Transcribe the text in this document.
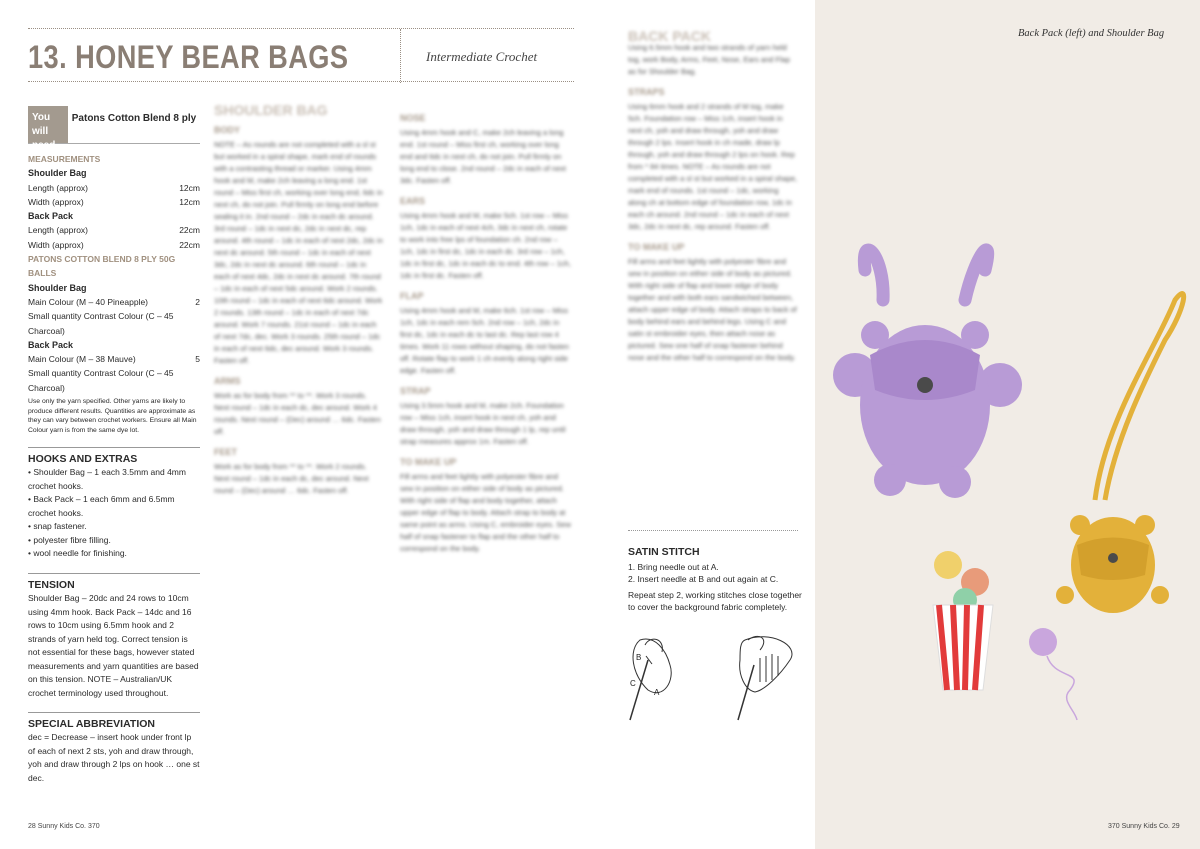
13. HONEY BEAR BAGS	Intermediate Crochet
You will need
Patons Cotton Blend 8 ply
MEASUREMENTS
Shoulder Bag
Length (approx)	12cm
Width (approx)	12cm
Back Pack
Length (approx)	22cm
Width (approx)	22cm
PATONS COTTON BLEND 8 PLY 50G BALLS
Shoulder Bag
Main Colour (M – 40 Pineapple)	2
Small quantity Contrast Colour (C – 45 Charcoal)
Back Pack
Main Colour (M – 38 Mauve)	5
Small quantity Contrast Colour (C – 45 Charcoal)
Use only the yarn specified. Other yarns are likely to produce different results. Quantities are approximate as they can vary between crochet workers. Ensure all Main Colour yarn is from the same dye lot.
HOOKS AND EXTRAS
• Shoulder Bag – 1 each 3.5mm and 4mm crochet hooks.
• Back Pack – 1 each 6mm and 6.5mm crochet hooks.
• snap fastener.
• polyester fibre filling.
• wool needle for finishing.
TENSION
Shoulder Bag – 20dc and 24 rows to 10cm using 4mm hook. Back Pack – 14dc and 16 rows to 10cm using 6.5mm hook and 2 strands of yarn held tog. Correct tension is not essential for these bags, however stated measurements and yarn quantities are based on this tension. NOTE – Australian/UK crochet terminology used throughout.
SPECIAL ABBREVIATION
dec = Decrease – insert hook under front lp of each of next 2 sts, yoh and draw through, yoh and draw through 2 lps on hook … one st dec.
SHOULDER BAG
BODY
NOTE – As rounds are not completed with a sl st but worked in a spiral shape, mark end of rounds with a contrasting thread or marker. Using 4mm hook and M, make 2ch leaving a long end. 1st round – Miss first ch, working over long end, 6dc in next ch, do not join. Pull firmly on long end before sealing it in. 2nd round – 2dc in each dc around. 3rd round – 1dc in next dc, 2dc in next dc, rep around. 4th round – 1dc in each of next 2dc, 2dc in next dc around. 5th round – 1dc in each of next 3dc, 2dc in next dc around. 6th round – 1dc in each of next 4dc, 2dc in next dc around. 7th round – 1dc in each of next 5dc around. Work 2 rounds. 10th round – 1dc in each of next 6dc around. Work 2 rounds. 13th round – 1dc in each of next 7dc around. Work 7 rounds. 21st round – 1dc in each of next 7dc, dec. Work 3 rounds. 25th round – 1dc in each of next 6dc, dec around. Work 3 rounds. Fasten off.
ARMS
Work as for body from ** to **. Work 3 rounds. Next round – 1dc in each dc, dec around. Work 4 rounds. Next round – (Dec) around … 6dc. Fasten off.
FEET
Work as for body from ** to **. Work 2 rounds. Next round – 1dc in each dc, dec around. Next round – (Dec) around … 6dc. Fasten off.
NOSE
Using 4mm hook and C, make 2ch leaving a long end. 1st round – Miss first ch, working over long end and 6dc in next ch, do not join. Pull firmly on long end to close. 2nd round – 2dc in each of next 3dc. Fasten off.
EARS
Using 4mm hook and M, make 5ch. 1st row – Miss 1ch, 1dc in each of next 4ch, 3dc in next ch, rotate to work into free lps of foundation ch. 2nd row – 1ch, 1dc in first dc, 1dc in each dc. 3rd row – 1ch, 1dc in first dc, 1dc in each dc to end. 4th row – 1ch, 1dc in first dc. Fasten off.
FLAP
Using 4mm hook and M, make 6ch. 1st row – Miss 1ch, 1dc in each rem 5ch. 2nd row – 1ch, 2dc in first dc, 1dc in each dc to last dc. Rep last row 4 times. Work 11 rows without shaping, do not fasten off. Rotate flap to work 1 ch evenly along right side edge. Fasten off.
STRAP
Using 3.5mm hook and M, make 2ch. Foundation row – Miss 1ch, insert hook in next ch, yoh and draw through, yoh and draw through 1 lp, rep until strap measures approx 1m. Fasten off.
TO MAKE UP
Fill arms and feet lightly with polyester fibre and sew in position on either side of body as pictured. With right side of flap and body together, attach upper edge of flap to body. Attach strap to body at same point as arms. Using C, embroider eyes. Sew half of snap fastener to flap and the other half to correspond on the body.
BACK PACK
Using 6.5mm hook and two strands of yarn held tog, work Body, Arms, Feet, Nose, Ears and Flap as for Shoulder Bag.
STRAPS
Using 6mm hook and 2 strands of M tog, make 5ch. Foundation row – Miss 1ch, insert hook in next ch, yoh and draw through, yoh and draw through 2 lps. Insert hook in ch made, draw lp through, yoh and draw through 2 lps on hook. Rep from * 84 times. NOTE – As rounds are not completed with a sl st but worked in a spiral shape, mark end of rounds. 1st round – 1dc, working along ch at bottom edge of foundation row, 1dc in each ch around. 2nd round – 1dc in each of next 3dc, 2dc in next dc, rep around. Fasten off.
TO MAKE UP
Fill arms and feet lightly with polyester fibre and sew in position on either side of body as pictured. With right side of flap and lower edge of body together and with both ears sandwiched between, attach upper edge of body. Attach straps to back of body behind ears and behind legs. Using C and satin st embroider eyes, then attach nose as pictured. Sew one half of snap fastener behind nose and the other half to correspond on the body.
SATIN STITCH
1. Bring needle out at A.
2. Insert needle at B and out again at C.
Repeat step 2, working stitches close together to cover the background fabric completely.
B
C
A
Back Pack (left) and Shoulder Bag
28 Sunny Kids Co. 370	370 Sunny Kids Co. 29
